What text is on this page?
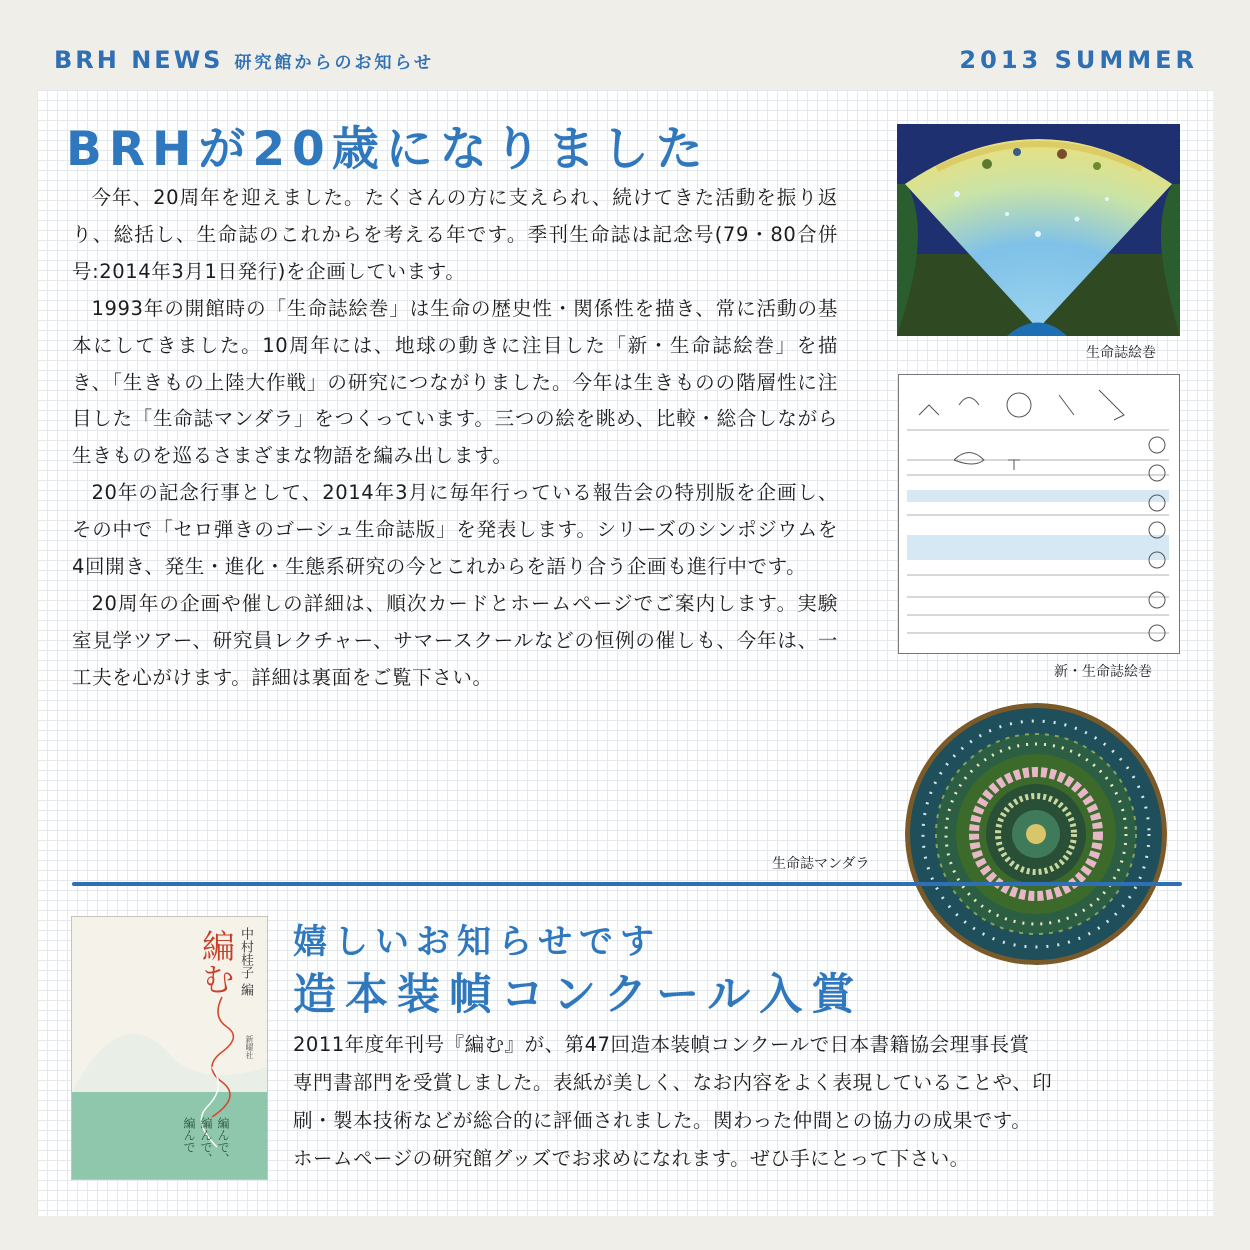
BRH NEWS 研究館からのお知らせ	2013 SUMMER
BRHが20歳になりました

今年、20周年を迎えました。たくさんの方に支えられ、続けてきた活動を振り返り、総括し、生命誌のこれからを考える年です。季刊生命誌は記念号(79・80合併号:2014年3月1日発行)を企画しています。

1993年の開館時の「生命誌絵巻」は生命の歴史性・関係性を描き、常に活動の基本にしてきました。10周年には、地球の動きに注目した「新・生命誌絵巻」を描き、「生きもの上陸大作戦」の研究につながりました。今年は生きものの階層性に注目した「生命誌マンダラ」をつくっています。三つの絵を眺め、比較・総合しながら生きものを巡るさまざまな物語を編み出します。

20年の記念行事として、2014年3月に毎年行っている報告会の特別版を企画し、その中で「セロ弾きのゴーシュ生命誌版」を発表します。シリーズのシンポジウムを4回開き、発生・進化・生態系研究の今とこれからを語り合う企画も進行中です。

20周年の企画や催しの詳細は、順次カードとホームページでご案内します。実験室見学ツアー、研究員レクチャー、サマースクールなどの恒例の催しも、今年は、一工夫を心がけます。詳細は裏面をご覧下さい。

生命誌絵巻
新・生命誌絵巻
生命誌マンダラ
編む 中村桂子 編
新曜社
編んで、 編んで、 編んで
嬉しいお知らせです
造本装幀コンクール入賞

2011年度年刊号『編む』が、第47回造本装幀コンクールで日本書籍協会理事長賞

専門書部門を受賞しました。表紙が美しく、なお内容をよく表現していることや、印

刷・製本技術などが総合的に評価されました。関わった仲間との協力の成果です。

ホームページの研究館グッズでお求めになれます。ぜひ手にとって下さい。
